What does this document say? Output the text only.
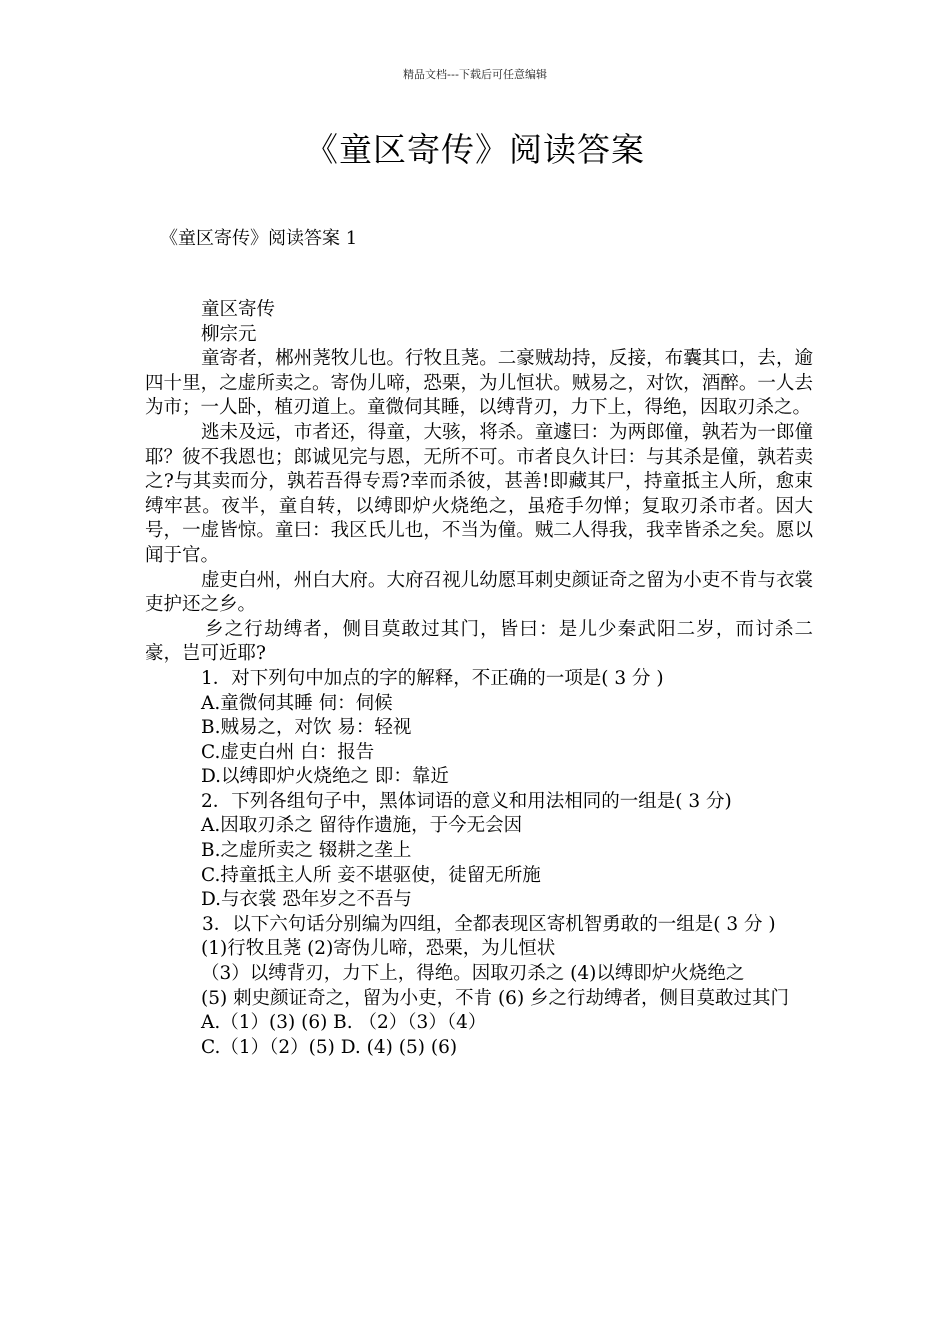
精品文档---下载后可任意编辑
《童区寄传》阅读答案
《童区寄传》阅读答案 1

童区寄传

柳宗元

童寄者，郴州荛牧儿也。行牧且荛。二豪贼劫持，反接，布囊其口，去，逾四十里，之虚所卖之。寄伪儿啼，恐栗，为儿恒状。贼易之，对饮，酒醉。一人去为市；一人卧，植刃道上。童微伺其睡，以缚背刃，力下上，得绝，因取刃杀之。

逃未及远，市者还，得童，大骇，将杀。童遽曰：为两郎僮，孰若为一郎僮耶？彼不我恩也；郎诚见完与恩，无所不可。市者良久计曰：与其杀是僮，孰若卖之?与其卖而分，孰若吾得专焉?幸而杀彼，甚善!即藏其尸，持童抵主人所，愈束缚牢甚。夜半，童自转，以缚即炉火烧绝之，虽疮手勿惮；复取刃杀市者。因大号，一虚皆惊。童曰：我区氏儿也，不当为僮。贼二人得我，我幸皆杀之矣。愿以闻于官。

虚吏白州，州白大府。大府召视儿幼愿耳刺史颜证奇之留为小吏不肯与衣裳吏护还之乡。

乡之行劫缚者，侧目莫敢过其门，皆曰：是儿少秦武阳二岁，而讨杀二豪，岂可近耶?

1．对下列句中加点的字的解释，不正确的一项是( 3 分 )

A.童微伺其睡 伺：伺候

B.贼易之，对饮 易：轻视

C.虚吏白州 白：报告

D.以缚即炉火烧绝之 即：靠近

2．下列各组句子中，黑体词语的意义和用法相同的一组是( 3 分)

A.因取刃杀之 留待作遗施，于今无会因

B.之虚所卖之 辍耕之垄上

C.持童抵主人所 妾不堪驱使，徒留无所施

D.与衣裳 恐年岁之不吾与

3．以下六句话分别编为四组，全都表现区寄机智勇敢的一组是( 3 分 )

(1)行牧且荛 (2)寄伪儿啼，恐栗，为儿恒状

（3）以缚背刃，力下上，得绝。因取刃杀之 (4)以缚即炉火烧绝之

(5) 刺史颜证奇之，留为小吏，不肯 (6) 乡之行劫缚者，侧目莫敢过其门

A.（1）(3) (6) B. （2）（3）（4）

C.（1）（2）(5) D. (4) (5) (6)
